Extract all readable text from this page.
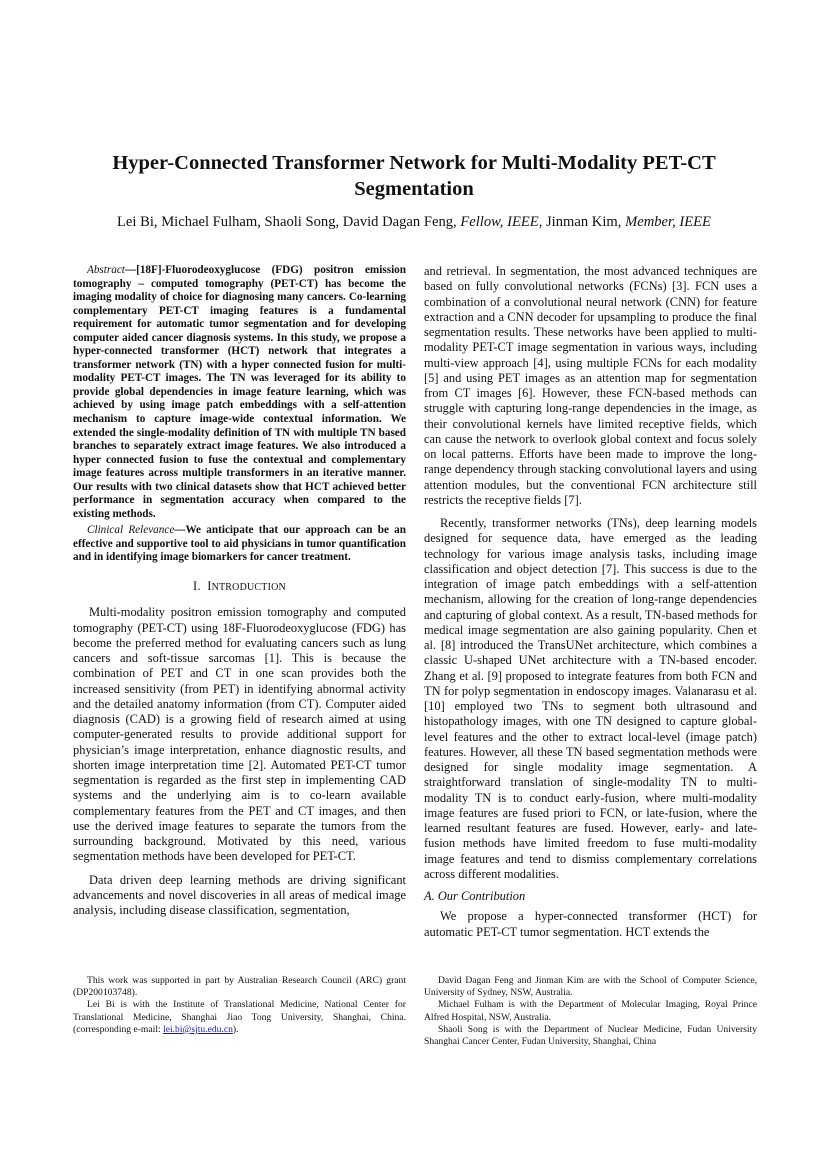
Hyper-Connected Transformer Network for Multi-Modality PET-CT Segmentation
Lei Bi, Michael Fulham, Shaoli Song, David Dagan Feng, Fellow, IEEE, Jinman Kim, Member, IEEE

Abstract—[18F]-Fluorodeoxyglucose (FDG) positron emission tomography – computed tomography (PET-CT) has become the imaging modality of choice for diagnosing many cancers. Co-learning complementary PET-CT imaging features is a fundamental requirement for automatic tumor segmentation and for developing computer aided cancer diagnosis systems. In this study, we propose a hyper-connected transformer (HCT) network that integrates a transformer network (TN) with a hyper connected fusion for multi-modality PET-CT images. The TN was leveraged for its ability to provide global dependencies in image feature learning, which was achieved by using image patch embeddings with a self-attention mechanism to capture image-wide contextual information. We extended the single-modality definition of TN with multiple TN based branches to separately extract image features. We also introduced a hyper connected fusion to fuse the contextual and complementary image features across multiple transformers in an iterative manner. Our results with two clinical datasets show that HCT achieved better performance in segmentation accuracy when compared to the existing methods.

Clinical Relevance—We anticipate that our approach can be an effective and supportive tool to aid physicians in tumor quantification and in identifying image biomarkers for cancer treatment.

I. INTRODUCTION

Multi-modality positron emission tomography and computed tomography (PET-CT) using 18F-Fluorodeoxyglucose (FDG) has become the preferred method for evaluating cancers such as lung cancers and soft-tissue sarcomas [1]. This is because the combination of PET and CT in one scan provides both the increased sensitivity (from PET) in identifying abnormal activity and the detailed anatomy information (from CT). Computer aided diagnosis (CAD) is a growing field of research aimed at using computer-generated results to provide additional support for physician’s image interpretation, enhance diagnostic results, and shorten image interpretation time [2]. Automated PET-CT tumor segmentation is regarded as the first step in implementing CAD systems and the underlying aim is to co-learn available complementary features from the PET and CT images, and then use the derived image features to separate the tumors from the surrounding background. Motivated by this need, various segmentation methods have been developed for PET-CT.

Data driven deep learning methods are driving significant advancements and novel discoveries in all areas of medical image analysis, including disease classification, segmentation,

and retrieval. In segmentation, the most advanced techniques are based on fully convolutional networks (FCNs) [3]. FCN uses a combination of a convolutional neural network (CNN) for feature extraction and a CNN decoder for upsampling to produce the final segmentation results. These networks have been applied to multi-modality PET-CT image segmentation in various ways, including multi-view approach [4], using multiple FCNs for each modality [5] and using PET images as an attention map for segmentation from CT images [6]. However, these FCN-based methods can struggle with capturing long-range dependencies in the image, as their convolutional kernels have limited receptive fields, which can cause the network to overlook global context and focus solely on local patterns. Efforts have been made to improve the long-range dependency through stacking convolutional layers and using attention modules, but the conventional FCN architecture still restricts the receptive fields [7].

Recently, transformer networks (TNs), deep learning models designed for sequence data, have emerged as the leading technology for various image analysis tasks, including image classification and object detection [7]. This success is due to the integration of image patch embeddings with a self-attention mechanism, allowing for the creation of long-range dependencies and capturing of global context. As a result, TN-based methods for medical image segmentation are also gaining popularity. Chen et al. [8] introduced the TransUNet architecture, which combines a classic U-shaped UNet architecture with a TN-based encoder. Zhang et al. [9] proposed to integrate features from both FCN and TN for polyp segmentation in endoscopy images. Valanarasu et al. [10] employed two TNs to segment both ultrasound and histopathology images, with one TN designed to capture global-level features and the other to extract local-level (image patch) features. However, all these TN based segmentation methods were designed for single modality image segmentation. A straightforward translation of single-modality TN to multi-modality TN is to conduct early-fusion, where multi-modality image features are fused priori to FCN, or late-fusion, where the learned resultant features are fused. However, early- and late-fusion methods have limited freedom to fuse multi-modality image features and tend to dismiss complementary correlations across different modalities.

A. Our Contribution

We propose a hyper-connected transformer (HCT) for automatic PET-CT tumor segmentation. HCT extends the

This work was supported in part by Australian Research Council (ARC) grant (DP200103748).

Lei Bi is with the Institute of Translational Medicine, National Center for Translational Medicine, Shanghai Jiao Tong University, Shanghai, China. (corresponding e-mail: lei.bi@sjtu.edu.cn).

David Dagan Feng and Jinman Kim are with the School of Computer Science, University of Sydney, NSW, Australia.

Michael Fulham is with the Department of Molecular Imaging, Royal Prince Alfred Hospital, NSW, Australia.

Shaoli Song is with the Department of Nuclear Medicine, Fudan University Shanghai Cancer Center, Fudan University, Shanghai, China
